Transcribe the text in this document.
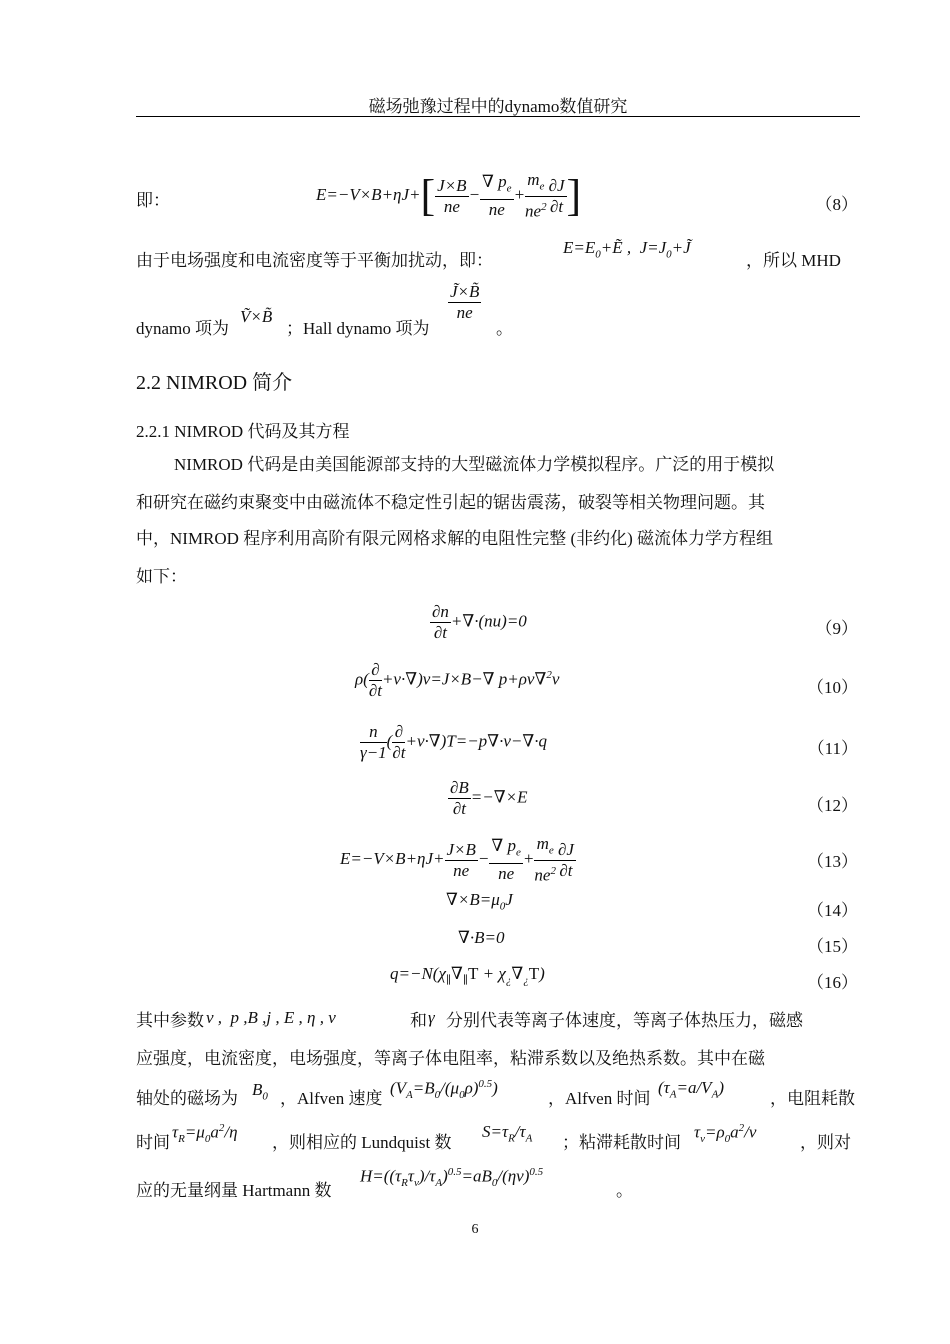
磁场弛豫过程中的dynamo数值研究
即：	$E=-V\times B+\eta J+[ \frac{J\times B}{ne} - \frac{\nabla p_e}{ne} + \frac{m_e}{ne^2} \frac{\partial J}{\partial t}$ ]	（8）
由于电场强度和电流密度等于平衡加扰动，即：
$E=E_0+Ẽ$ ,  $J=J_0+J̃$
，所以 MHD
dynamo 项为
Ṽ×B̃
；Hall dynamo 项为
$\frac{J̃\times B̃}{ne}$
。
2.2 NIMROD 简介
2.2.1 NIMROD 代码及其方程
NIMROD 代码是由美国能源部支持的大型磁流体力学模拟程序。广泛的用于模拟
和研究在磁约束聚变中由磁流体不稳定性引起的锯齿震荡，破裂等相关物理问题。其
中，NIMROD 程序利用高阶有限元网格求解的电阻性完整 (非约化) 磁流体力学方程组
如下：
$\frac{\partial n}{\partial t} +\nabla\cdot(nu)=0$	（9）
$\rho( \frac{\partial}{\partial t} +v\cdot\nabla)v=J\times B-\nabla$ p+ρν∇$^2$v	（10）
$\frac{n}{\gamma-1}$ ( $\frac{\partial}{\partial t} +v\cdot\nabla)T=-p\nabla\cdot v-\nabla\cdot q$	（11）
$\frac{\partial B}{\partial t} =-\nabla\times E$	（12）
$E=-V\times B+\eta J+ \frac{J\times B}{ne} - \frac{\nabla p_e}{ne} + \frac{m_e}{ne^2} \frac{\partial J}{\partial t}$	（13）
$\nabla\times B=\mu_0J$
（14）
∇·B=0	（15）
$q=-N(\chi_\parallel\nabla_\parallel T + \chi_¿\nabla_¿T)$	（16）
其中参数 v ,  p ,B ,j , E , η , v	和 γ 分别代表等离子体速度，等离子体热压力，磁感
应强度，电流密度，电场强度，等离子体电阻率，粘滞系数以及绝热系数。其中在磁
轴处的磁场为 $B_0$ ，Alfven 速度
$(V_A=B_0/(\mu_0\rho)^{0.5})$
，Alfven 时间
$(\tau_A=a/V_A)$
，电阻耗散
时间
$\tau_R=\mu_0a^2/\eta$
，则相应的 Lundquist 数
$S=\tau_R/\tau_A$ ；粘滞耗散时间
$\tau_v=\rho_0a^2/\nu$
，则对
应的无量纲量 Hartmann 数
$H=((\tau_R\tau_v)/\tau_A)^{0.5}=aB_0/(\eta\nu)^{0.5}$
。
6
